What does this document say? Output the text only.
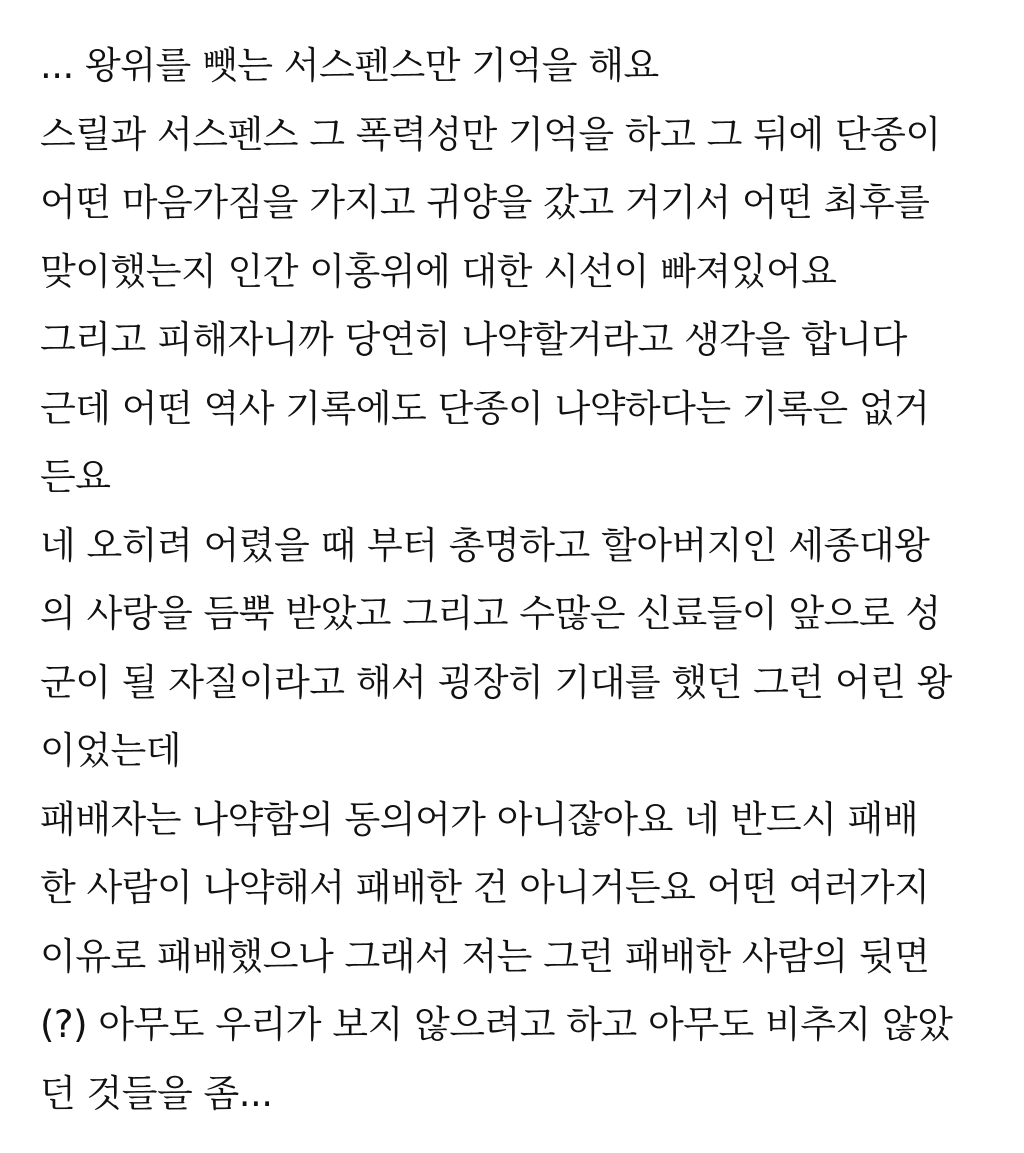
... 왕위를 뺏는 서스펜스만 기억을 해요
스릴과 서스펜스 그 폭력성만 기억을 하고 그 뒤에 단종이
어떤 마음가짐을 가지고 귀양을 갔고 거기서 어떤 최후를
맞이했는지 인간 이홍위에 대한 시선이 빠져있어요
그리고 피해자니까 당연히 나약할거라고 생각을 합니다
근데 어떤 역사 기록에도 단종이 나약하다는 기록은 없거
든요
네 오히려 어렸을 때 부터 총명하고 할아버지인 세종대왕
의 사랑을 듬뿍 받았고 그리고 수많은 신료들이 앞으로 성
군이 될 자질이라고 해서 굉장히 기대를 했던 그런 어린 왕
이었는데
패배자는 나약함의 동의어가 아니잖아요 네 반드시 패배
한 사람이 나약해서 패배한 건 아니거든요 어떤 여러가지
이유로 패배했으나 그래서 저는 그런 패배한 사람의 뒷면
(?) 아무도 우리가 보지 않으려고 하고 아무도 비추지 않았
던 것들을 좀...
